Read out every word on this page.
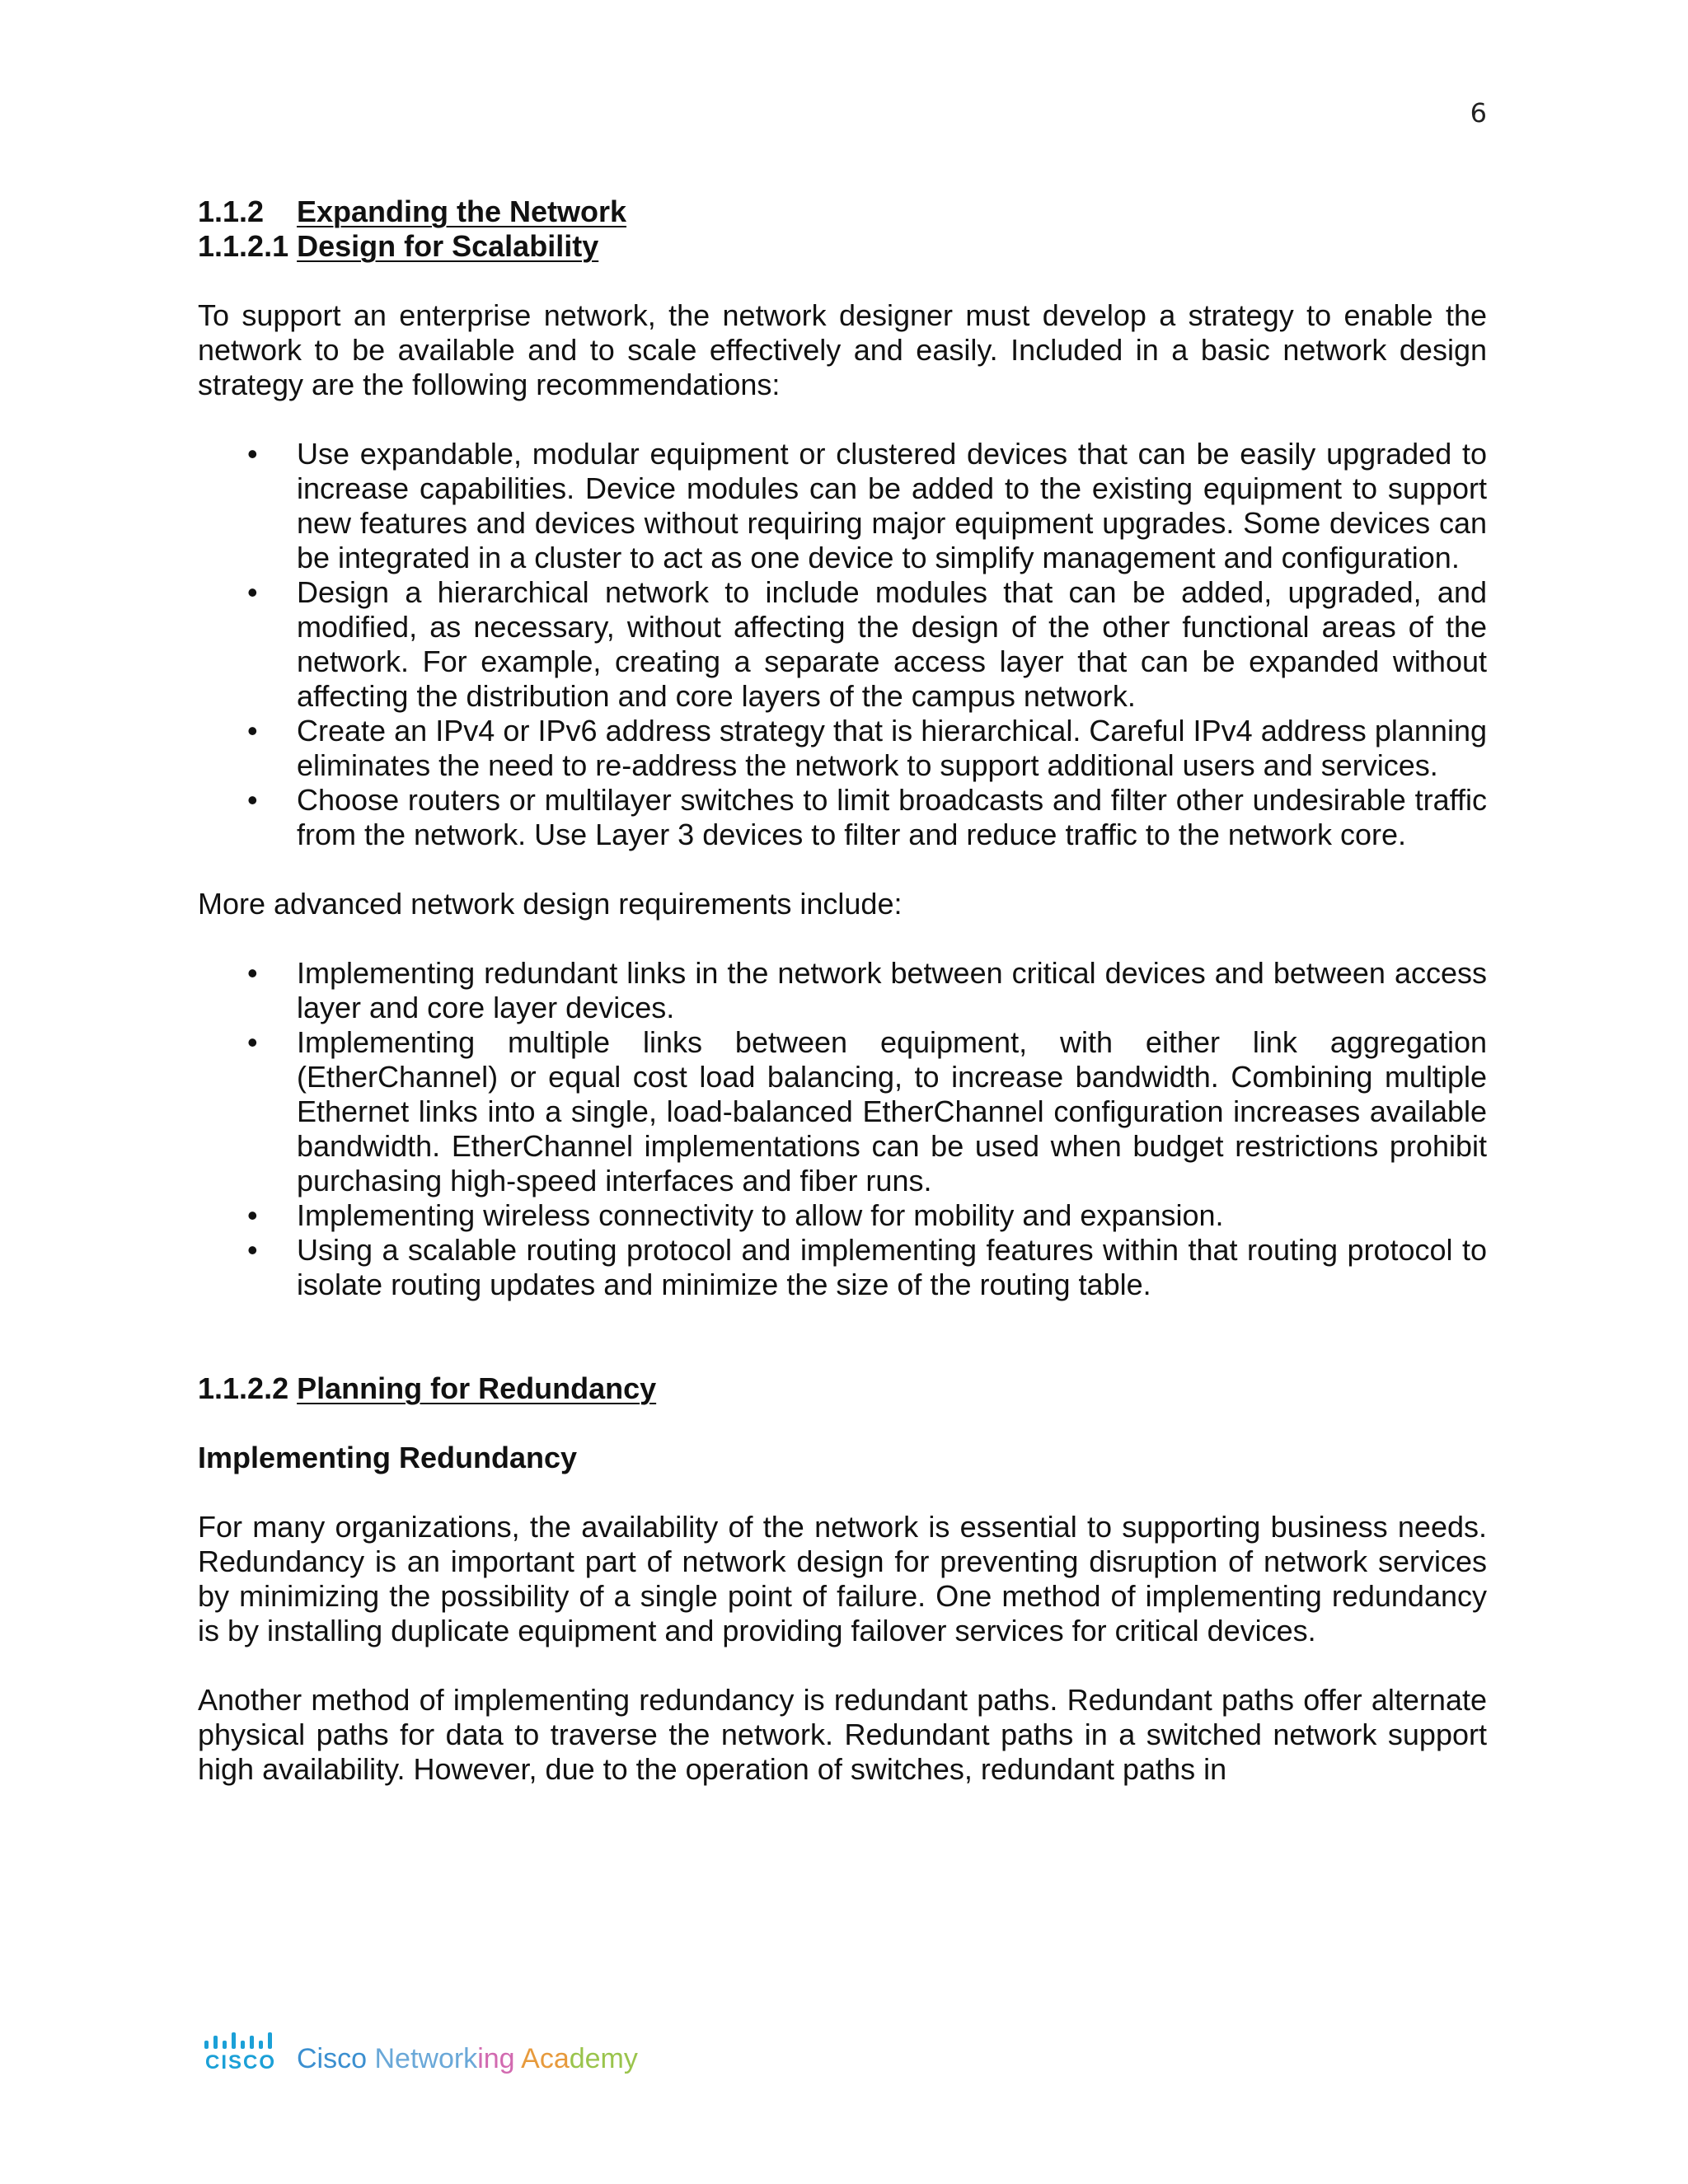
6
1.1.2 Expanding the Network
1.1.2.1 Design for Scalability

To support an enterprise network, the network designer must develop a strategy to enable the network to be available and to scale effectively and easily. Included in a basic network design strategy are the following recommendations:

•	Use expandable, modular equipment or clustered devices that can be easily upgraded to increase capabilities. Device modules can be added to the existing equipment to support new features and devices without requiring major equipment upgrades. Some devices can be integrated in a cluster to act as one device to simplify management and configuration.
•	Design a hierarchical network to include modules that can be added, upgraded, and modified, as necessary, without affecting the design of the other functional areas of the network. For example, creating a separate access layer that can be expanded without affecting the distribution and core layers of the campus network.
•	Create an IPv4 or IPv6 address strategy that is hierarchical. Careful IPv4 address planning eliminates the need to re-address the network to support additional users and services.
•	Choose routers or multilayer switches to limit broadcasts and filter other undesirable traffic from the network. Use Layer 3 devices to filter and reduce traffic to the network core.

More advanced network design requirements include:

•	Implementing redundant links in the network between critical devices and between access layer and core layer devices.
•	Implementing multiple links between equipment, with either link aggregation (EtherChannel) or equal cost load balancing, to increase bandwidth. Combining multiple Ethernet links into a single, load-balanced EtherChannel configuration increases available bandwidth. EtherChannel implementations can be used when budget restrictions prohibit purchasing high-speed interfaces and fiber runs.
•	Implementing wireless connectivity to allow for mobility and expansion.
•	Using a scalable routing protocol and implementing features within that routing protocol to isolate routing updates and minimize the size of the routing table.
1.1.2.2 Planning for Redundancy
Implementing Redundancy

For many organizations, the availability of the network is essential to supporting business needs. Redundancy is an important part of network design for preventing disruption of network services by minimizing the possibility of a single point of failure. One method of implementing redundancy is by installing duplicate equipment and providing failover services for critical devices.

Another method of implementing redundancy is redundant paths. Redundant paths offer alternate physical paths for data to traverse the network. Redundant paths in a switched network support high availability. However, due to the operation of switches, redundant paths in

CISCO Cisco Networking Academy
